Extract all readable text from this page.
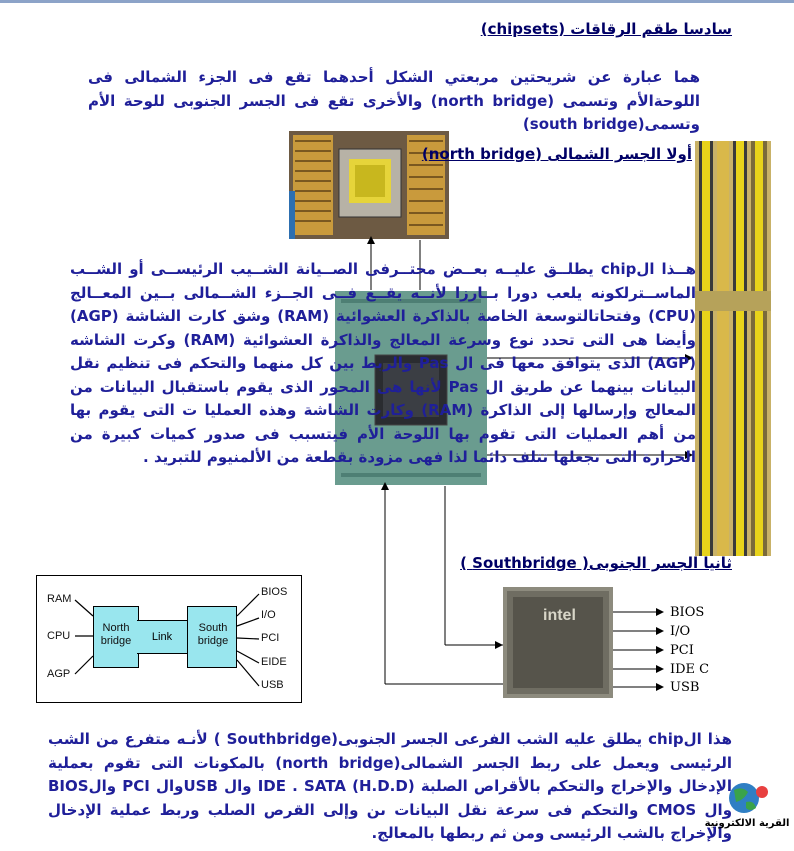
سادسا طقم الرقاقات (chipsets)
هما عبارة عن شريحتين مربعتي الشكل أحدهما تقع فى الجزء الشمالى فى اللوحةالأم وتسمى (north bridge) والأخرى تقع فى الجسر الجنوبى للوحة الأم وتسمى(south bridge)
أولا الجسر الشمالى (north bridge)
هــذا الchip يطلــق عليــه بعــض محتــرفى الصــيانة الشــيب الرئيســى أو الشــب الماســترلكونه يلعب دورا بــارزا لأنــه يقــع فــى الجــزء الشــمالى بــين المعــالج (CPU) وفتحاتالتوسعة الخاصة بالذاكرة العشوائية (RAM) وشق كارت الشاشة (AGP) وأيضا هى التى تحدد نوع وسرعة المعالج والذاكرة العشوائية (RAM) وكرت الشاشه (AGP) الذى يتوافق معها فى ال Pas والربط بين كل منهما والتحكم فى تنظيم نقل البيانات بينهما عن طريق ال Pas لأنها هى المحور الذى يقوم باستقبال البيانات من المعالج وإرسالها إلى الذاكرة (RAM) وكارت الشاشة وهذه العمليا ت التى يقوم بها من أهم العمليات التى تقوم بها اللوحة الأم فيتسبب فى صدور كميات كبيرة من الحرارة التى تجعلها تتلف دائما لذا فهى مزودة بقطعة من الألمنيوم للتبريد .
ثانيا الجسر الجنوبى( Southbridge )
intel	BIOS
I/O
PCI
IDE C
USB
RAM
CPU
AGP
Link
North bridge
South bridge
BIOS
I/O
PCI
EIDE
USB
هذا الchip يطلق عليه الشب الفرعى الجسر الجنوبى(Southbridge ) لأنـه متفرع من الشب الرئيسى ويعمل على ربط الجسر الشمالى(north bridge) بالمكونات التى تقوم بعملية الإدخال والإخراج والتحكم بالأقراص الصلبة IDE . SATA (H.D.D) وال USBوال PCI والBIOS وال CMOS والتحكم فى سرعة نقل البيانات ىن وإلى القرص الصلب وربط عملية الإدخال والإخراج بالشب الرئيسى ومن ثم ربطها بالمعالج.
القرية الالكترونية
